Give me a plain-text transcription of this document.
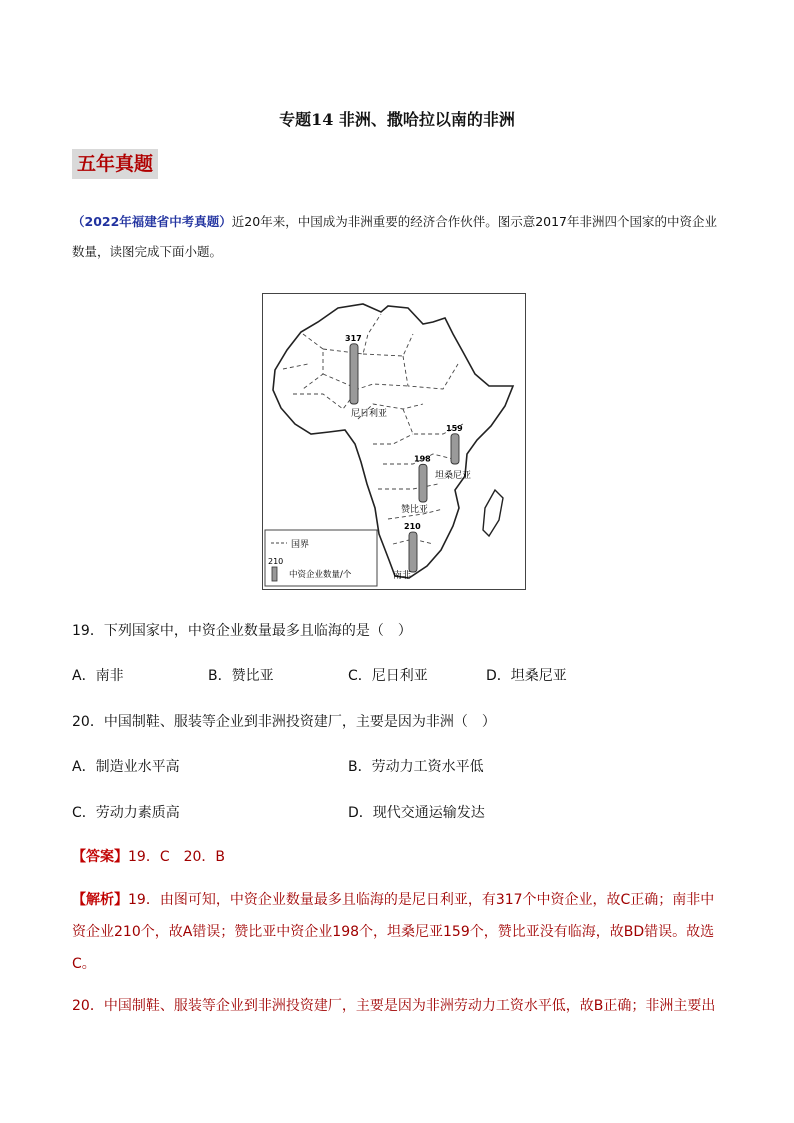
专题14 非洲、撒哈拉以南的非洲
五年真题
（2022年福建省中考真题）近20年来，中国成为非洲重要的经济合作伙伴。图示意2017年非洲四个国家的中资企业数量，读图完成下面小题。
317
尼日利亚
159
坦桑尼亚
198
赞比亚
210
南非
国界
210
中资企业数量/个
19．下列国家中，中资企业数量最多且临海的是（　）
A．南非	B．赞比亚	C．尼日利亚	D．坦桑尼亚
20．中国制鞋、服装等企业到非洲投资建厂，主要是因为非洲（　）
A．制造业水平高	B．劳动力工资水平低
C．劳动力素质高	D．现代交通运输发达
【答案】19．C　20．B
【解析】19．由图可知，中资企业数量最多且临海的是尼日利亚，有317个中资企业，故C正确；南非中资企业210个，故A错误；赞比亚中资企业198个，坦桑尼亚159个，赞比亚没有临海，故BD错误。故选C。
20．中国制鞋、服装等企业到非洲投资建厂，主要是因为非洲劳动力工资水平低，故B正确；非洲主要出
